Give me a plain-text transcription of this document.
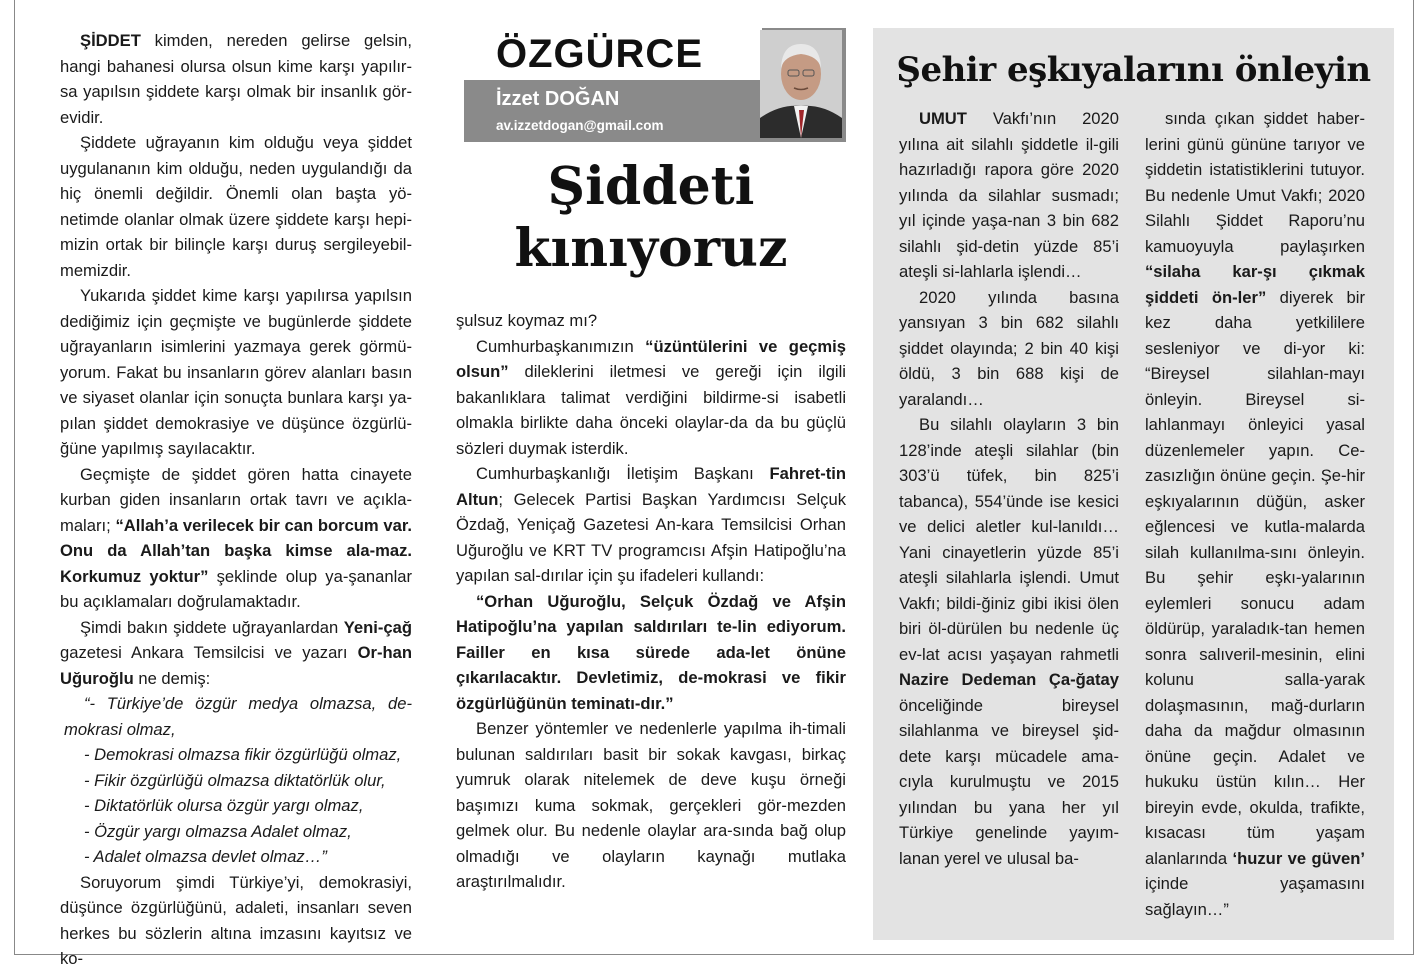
ŞİDDET kimden, nereden gelirse gelsin, hangi bahanesi olursa olsun kime karşı yapılır-sa yapılsın şiddete karşı olmak bir insanlık gör-evidir.

Şiddete uğrayanın kim olduğu veya şiddet uygulananın kim olduğu, neden uygulandığı da hiç önemli değildir. Önemli olan başta yö-netimde olanlar olmak üzere şiddete karşı hepi-mizin ortak bir bilinçle karşı duruş sergileyebil-memizdir.

Yukarıda şiddet kime karşı yapılırsa yapılsın dediğimiz için geçmişte ve bugünlerde şiddete uğrayanların isimlerini yazmaya gerek görmü-yorum. Fakat bu insanların görev alanları basın ve siyaset olanlar için sonuçta bunlara karşı ya-pılan şiddet demokrasiye ve düşünce özgürlü-ğüne yapılmış sayılacaktır.

Geçmişte de şiddet gören hatta cinayete kurban giden insanların ortak tavrı ve açıkla-maları; “Allah’a verilecek bir can borcum var. Onu da Allah’tan başka kimse ala-maz. Korkumuz yoktur” şeklinde olup ya-şananlar bu açıklamaları doğrulamaktadır.

Şimdi bakın şiddete uğrayanlardan Yeni-çağ gazetesi Ankara Temsilcisi ve yazarı Or-han Uğuroğlu ne demiş:

“- Türkiye’de özgür medya olmazsa, de-mokrasi olmaz,
- Demokrasi olmazsa fikir özgürlüğü olmaz,
- Fikir özgürlüğü olmazsa diktatörlük olur,
- Diktatörlük olursa özgür yargı olmaz,
- Özgür yargı olmazsa Adalet olmaz,
- Adalet olmazsa devlet olmaz…”

Soruyorum şimdi Türkiye’yi, demokrasiyi, düşünce özgürlüğünü, adaleti, insanları seven herkes bu sözlerin altına imzasını kayıtsız ve ko-

ÖZGÜRCE
İzzet DOĞAN
av.izzetdogan@gmail.com
Şiddeti
kınıyoruz

şulsuz koymaz mı?

Cumhurbaşkanımızın “üzüntülerini ve geçmiş olsun” dileklerini iletmesi ve gereği için ilgili bakanlıklara talimat verdiğini bildirme-si isabetli olmakla birlikte daha önceki olaylar-da da bu güçlü sözleri duymak isterdik.

Cumhurbaşkanlığı İletişim Başkanı Fahret-tin Altun; Gelecek Partisi Başkan Yardımcısı Selçuk Özdağ, Yeniçağ Gazetesi An-kara Temsilcisi Orhan Uğuroğlu ve KRT TV programcısı Afşin Hatipoğlu’na yapılan sal-dırılar için şu ifadeleri kullandı:

“Orhan Uğuroğlu, Selçuk Özdağ ve Afşin Hatipoğlu’na yapılan saldırıları te-lin ediyorum. Failler en kısa sürede ada-let önüne çıkarılacaktır. Devletimiz, de-mokrasi ve fikir özgürlüğünün teminatı-dır.”

Benzer yöntemler ve nedenlerle yapılma ih-timali bulunan saldırıları basit bir sokak kavgası, birkaç yumruk olarak nitelemek de deve kuşu örneği başımızı kuma sokmak, gerçekleri gör-mezden gelmek olur. Bu nedenle olaylar ara-sında bağ olup olmadığı ve olayların kaynağı mutlaka araştırılmalıdır.

Şehir eşkıyalarını önleyin

UMUT Vakfı’nın 2020 yılına ait silahlı şiddetle il-gili hazırladığı rapora göre 2020 yılında da silahlar susmadı; yıl içinde yaşa-nan 3 bin 682 silahlı şid-detin yüzde 85’i ateşli si-lahlarla işlendi…

2020 yılında basına yansıyan 3 bin 682 silahlı şiddet olayında; 2 bin 40 kişi öldü, 3 bin 688 kişi de yaralandı…

Bu silahlı olayların 3 bin 128’inde ateşli silahlar (bin 303’ü tüfek, bin 825’i tabanca), 554’ünde ise kesici ve delici aletler kul-lanıldı… Yani cinayetlerin yüzde 85’i ateşli silahlarla işlendi. Umut Vakfı; bildi-ğiniz gibi ikisi ölen biri öl-dürülen bu nedenle üç ev-lat acısı yaşayan rahmetli Nazire Dedeman Ça-ğatay önceliğinde bireysel silahlanma ve bireysel şid-dete karşı mücadele ama-cıyla kurulmuştu ve 2015 yılından bu yana her yıl Türkiye genelinde yayım-lanan yerel ve ulusal ba-

sında çıkan şiddet haber-lerini günü gününe tarıyor ve şiddetin istatistiklerini tutuyor. Bu nedenle Umut Vakfı; 2020 Silahlı Şiddet Raporu’nu kamuoyuyla paylaşırken “silaha kar-şı çıkmak şiddeti ön-ler” diyerek bir kez daha yetkililere sesleniyor ve di-yor ki: “Bireysel silahlan-mayı önleyin. Bireysel si-lahlanmayı önleyici yasal düzenlemeler yapın. Ce-zasızlığın önüne geçin. Şe-hir eşkıyalarının düğün, asker eğlencesi ve kutla-malarda silah kullanılma-sını önleyin. Bu şehir eşkı-yalarının eylemleri sonucu adam öldürüp, yaraladık-tan hemen sonra salıveril-mesinin, elini kolunu salla-yarak dolaşmasının, mağ-durların daha da mağdur olmasının önüne geçin. Adalet ve hukuku üstün kılın… Her bireyin evde, okulda, trafikte, kısacası tüm yaşam alanlarında ‘huzur ve güven’ içinde yaşamasını sağlayın…”
